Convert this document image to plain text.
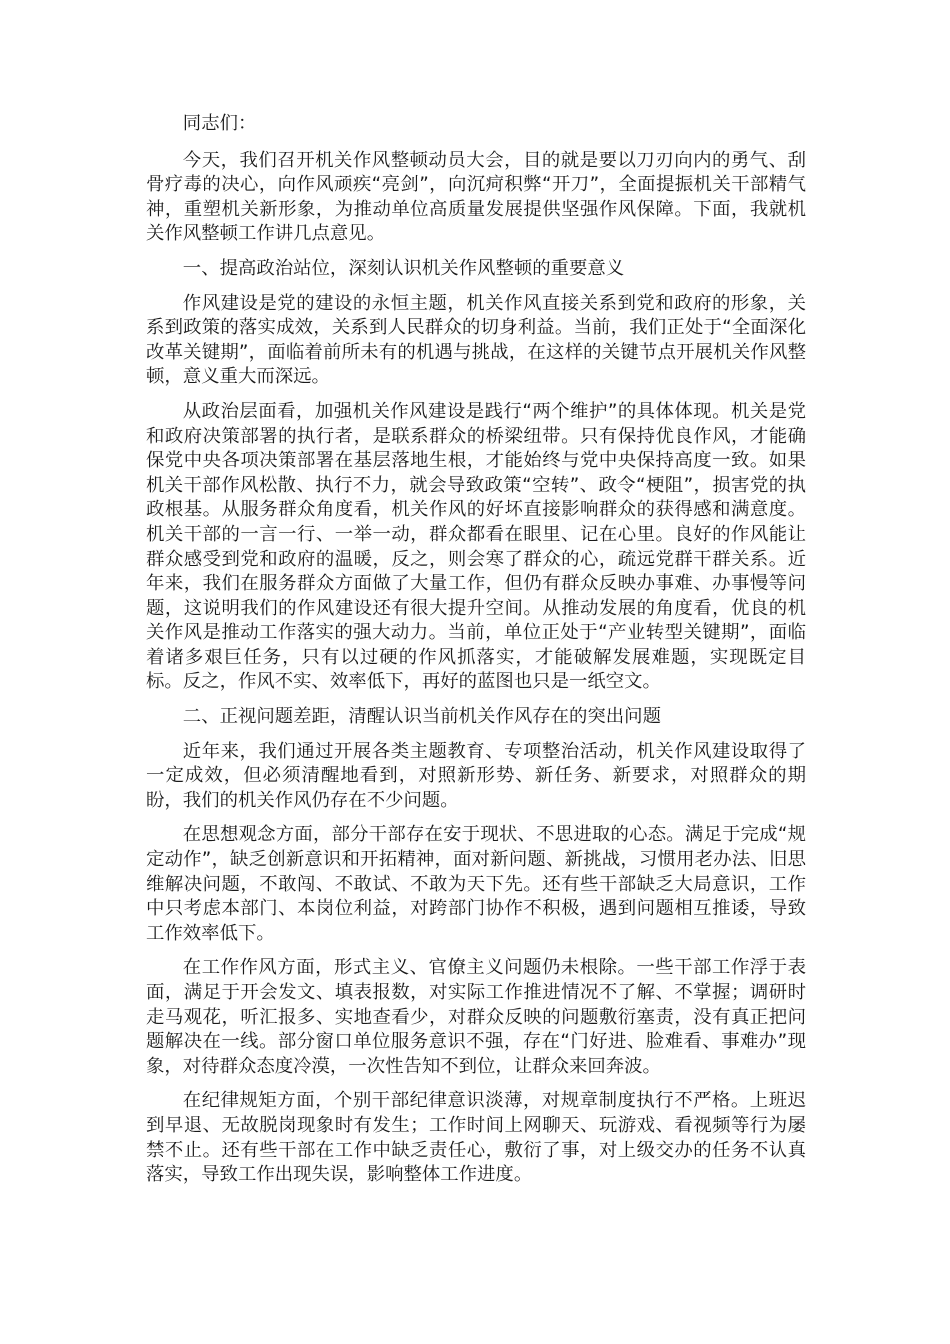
同志们：

今天，我们召开机关作风整顿动员大会，目的就是要以刀刃向内的勇气、刮骨疗毒的决心，向作风顽疾“亮剑”，向沉疴积弊“开刀”，全面提振机关干部精气神，重塑机关新形象，为推动单位高质量发展提供坚强作风保障。下面，我就机关作风整顿工作讲几点意见。

一、提高政治站位，深刻认识机关作风整顿的重要意义

作风建设是党的建设的永恒主题，机关作风直接关系到党和政府的形象，关系到政策的落实成效，关系到人民群众的切身利益。当前，我们正处于“全面深化改革关键期”，面临着前所未有的机遇与挑战，在这样的关键节点开展机关作风整顿，意义重大而深远。

从政治层面看，加强机关作风建设是践行“两个维护”的具体体现。机关是党和政府决策部署的执行者，是联系群众的桥梁纽带。只有保持优良作风，才能确保党中央各项决策部署在基层落地生根，才能始终与党中央保持高度一致。如果机关干部作风松散、执行不力，就会导致政策“空转”、政令“梗阻”，损害党的执政根基。从服务群众角度看，机关作风的好坏直接影响群众的获得感和满意度。机关干部的一言一行、一举一动，群众都看在眼里、记在心里。良好的作风能让群众感受到党和政府的温暖，反之，则会寒了群众的心，疏远党群干群关系。近年来，我们在服务群众方面做了大量工作，但仍有群众反映办事难、办事慢等问题，这说明我们的作风建设还有很大提升空间。从推动发展的角度看，优良的机关作风是推动工作落实的强大动力。当前，单位正处于“产业转型关键期”，面临着诸多艰巨任务，只有以过硬的作风抓落实，才能破解发展难题，实现既定目标。反之，作风不实、效率低下，再好的蓝图也只是一纸空文。

二、正视问题差距，清醒认识当前机关作风存在的突出问题

近年来，我们通过开展各类主题教育、专项整治活动，机关作风建设取得了一定成效，但必须清醒地看到，对照新形势、新任务、新要求，对照群众的期盼，我们的机关作风仍存在不少问题。

在思想观念方面，部分干部存在安于现状、不思进取的心态。满足于完成“规定动作”，缺乏创新意识和开拓精神，面对新问题、新挑战，习惯用老办法、旧思维解决问题，不敢闯、不敢试、不敢为天下先。还有些干部缺乏大局意识，工作中只考虑本部门、本岗位利益，对跨部门协作不积极，遇到问题相互推诿，导致工作效率低下。

在工作作风方面，形式主义、官僚主义问题仍未根除。一些干部工作浮于表面，满足于开会发文、填表报数，对实际工作推进情况不了解、不掌握；调研时走马观花，听汇报多、实地查看少，对群众反映的问题敷衍塞责，没有真正把问题解决在一线。部分窗口单位服务意识不强，存在“门好进、脸难看、事难办”现象，对待群众态度冷漠，一次性告知不到位，让群众来回奔波。

在纪律规矩方面，个别干部纪律意识淡薄，对规章制度执行不严格。上班迟到早退、无故脱岗现象时有发生；工作时间上网聊天、玩游戏、看视频等行为屡禁不止。还有些干部在工作中缺乏责任心，敷衍了事，对上级交办的任务不认真落实，导致工作出现失误，影响整体工作进度。
